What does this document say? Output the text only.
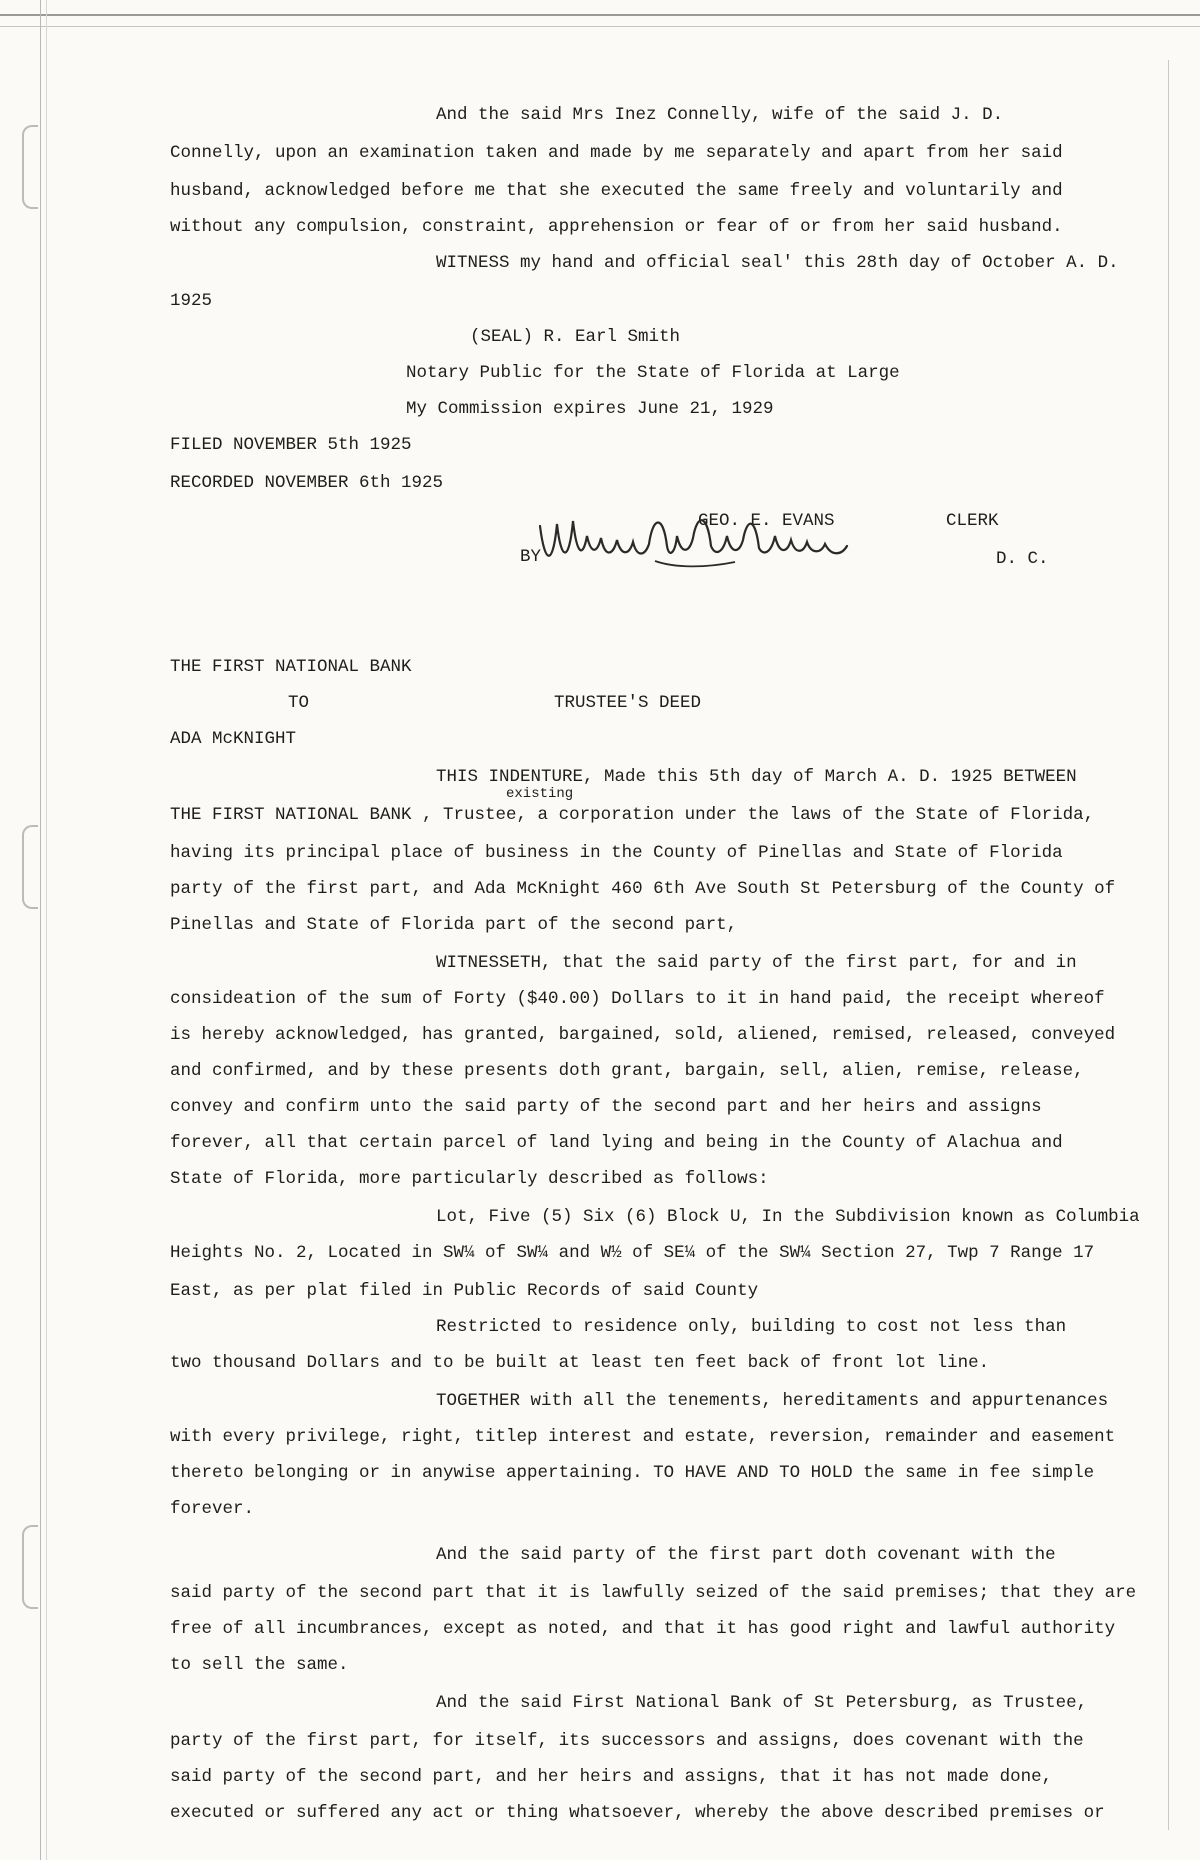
And the said Mrs Inez Connelly, wife of the said J. D.
Connelly, upon an examination taken and made by me separately and apart from her said
husband, acknowledged before me that she executed the same freely and voluntarily and
without any compulsion, constraint, apprehension or fear of or from her said husband.
WITNESS my hand and official seal' this 28th day of October A. D.
1925
(SEAL) R. Earl Smith
Notary Public for the State of Florida at Large
My Commission expires June 21, 1929
FILED NOVEMBER 5th 1925
RECORDED NOVEMBER 6th 1925
GEO. E. EVANS	CLERK
BY	D. C.
THE FIRST NATIONAL BANK
TO	TRUSTEE'S DEED
ADA McKNIGHT
THIS INDENTURE, Made this 5th day of March A. D. 1925 BETWEEN
existing
THE FIRST NATIONAL BANK , Trustee, a corporation under the laws of the State of Florida,
having its principal place of business in the County of Pinellas and State of Florida
party of the first part, and Ada McKnight 460 6th Ave South St Petersburg of the County of
Pinellas and State of Florida part of the second part,
WITNESSETH, that the said party of the first part, for and in
consideation of the sum of Forty ($40.00) Dollars to it in hand paid, the receipt whereof
is hereby acknowledged, has granted, bargained, sold, aliened, remised, released, conveyed
and confirmed, and by these presents doth grant, bargain, sell, alien, remise, release,
convey and confirm unto the said party of the second part and her heirs and assigns
forever, all that certain parcel of land lying and being in the County of Alachua and
State of Florida, more particularly described as follows:
Lot, Five (5) Six (6) Block U, In the Subdivision known as Columbia
Heights No. 2, Located in SW¼ of SW¼ and W½ of SE¼ of the SW¼ Section 27, Twp 7 Range 17
East, as per plat filed in Public Records of said County
Restricted to residence only, building to cost not less than
two thousand Dollars and to be built at least ten feet back of front lot line.
TOGETHER with all the tenements, hereditaments and appurtenances
with every privilege, right, titlep interest and estate, reversion, remainder and easement
thereto belonging or in anywise appertaining. TO HAVE AND TO HOLD the same in fee simple
forever.
And the said party of the first part doth covenant with the
said party of the second part that it is lawfully seized of the said premises; that they are
free of all incumbrances, except as noted, and that it has good right and lawful authority
to sell the same.
And the said First National Bank of St Petersburg, as Trustee,
party of the first part, for itself, its successors and assigns, does covenant with the
said party of the second part, and her heirs and assigns, that it has not made done,
executed or suffered any act or thing whatsoever, whereby the above described premises or
